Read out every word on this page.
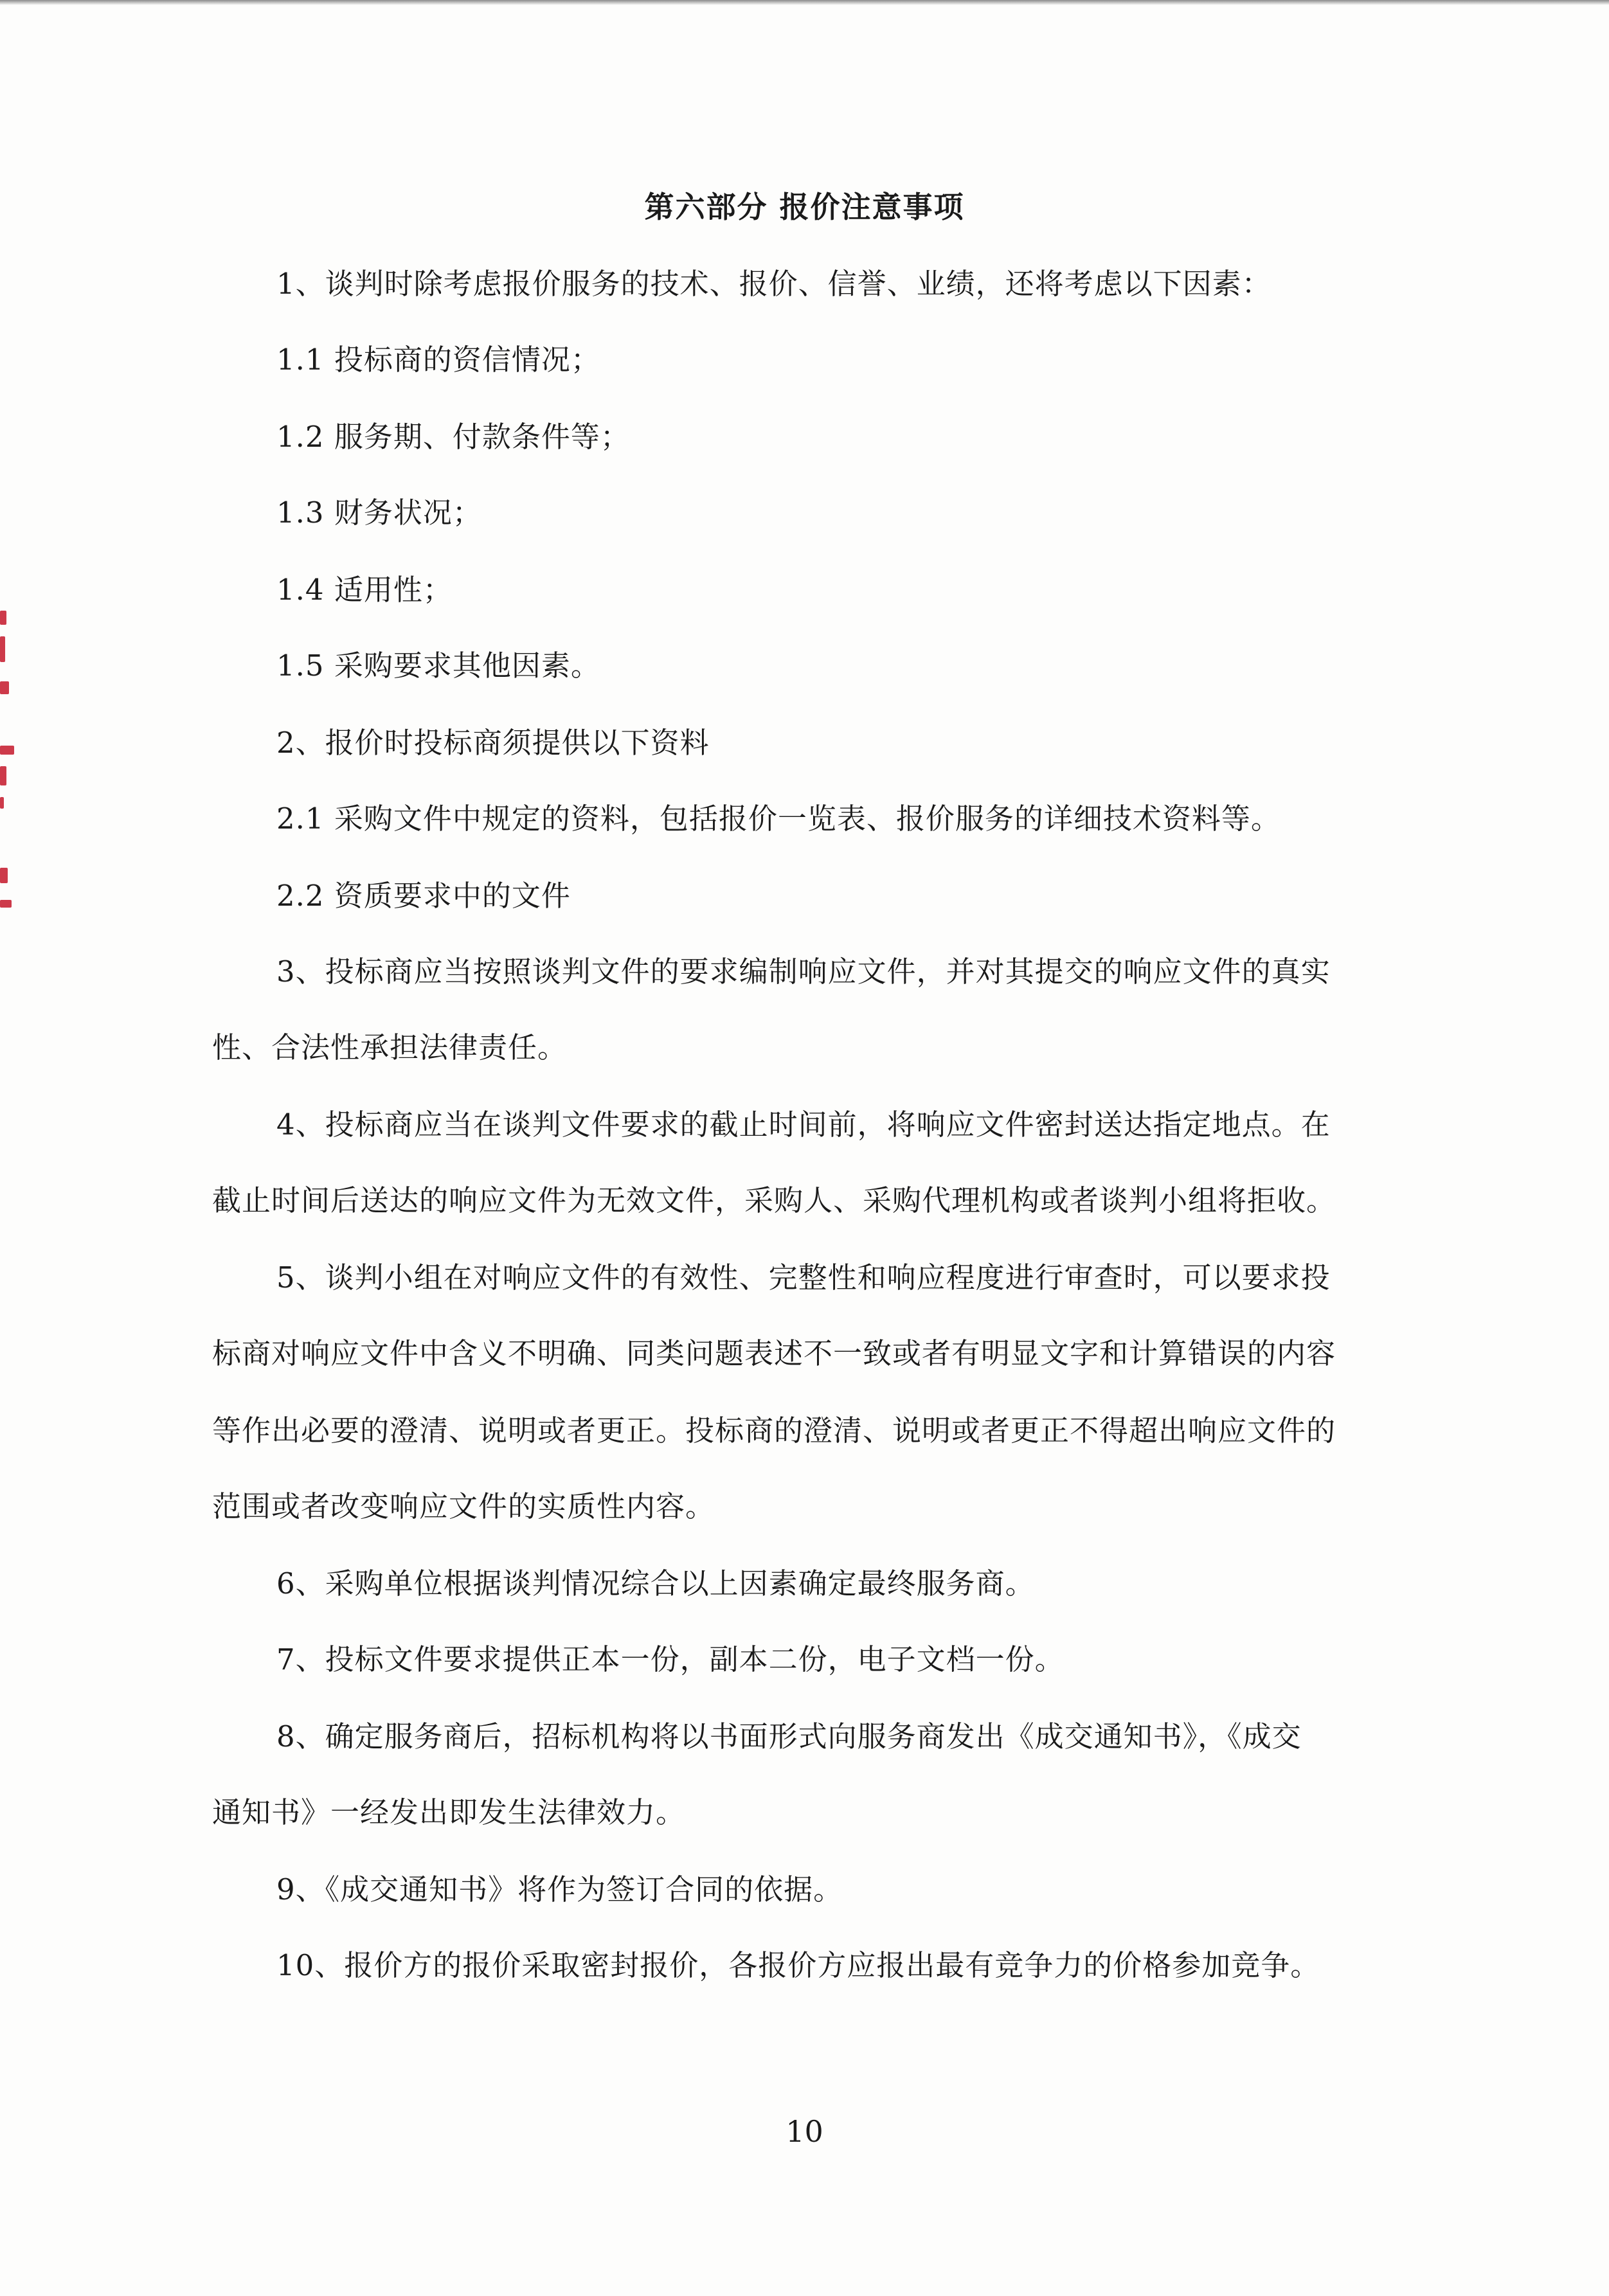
第六部分 报价注意事项
1、谈判时除考虑报价服务的技术、报价、信誉、业绩，还将考虑以下因素：
1.1 投标商的资信情况；
1.2 服务期、付款条件等；
1.3 财务状况；
1.4 适用性；
1.5 采购要求其他因素。
2、报价时投标商须提供以下资料
2.1 采购文件中规定的资料，包括报价一览表、报价服务的详细技术资料等。
2.2 资质要求中的文件
3、投标商应当按照谈判文件的要求编制响应文件，并对其提交的响应文件的真实
性、合法性承担法律责任。
4、投标商应当在谈判文件要求的截止时间前，将响应文件密封送达指定地点。在
截止时间后送达的响应文件为无效文件，采购人、采购代理机构或者谈判小组将拒收。
5、谈判小组在对响应文件的有效性、完整性和响应程度进行审查时，可以要求投
标商对响应文件中含义不明确、同类问题表述不一致或者有明显文字和计算错误的内容
等作出必要的澄清、说明或者更正。投标商的澄清、说明或者更正不得超出响应文件的
范围或者改变响应文件的实质性内容。
6、采购单位根据谈判情况综合以上因素确定最终服务商。
7、投标文件要求提供正本一份，副本二份，电子文档一份。
8、确定服务商后，招标机构将以书面形式向服务商发出《成交通知书》，《成交
通知书》一经发出即发生法律效力。
9、《成交通知书》将作为签订合同的依据。
10、报价方的报价采取密封报价，各报价方应报出最有竞争力的价格参加竞争。
10
